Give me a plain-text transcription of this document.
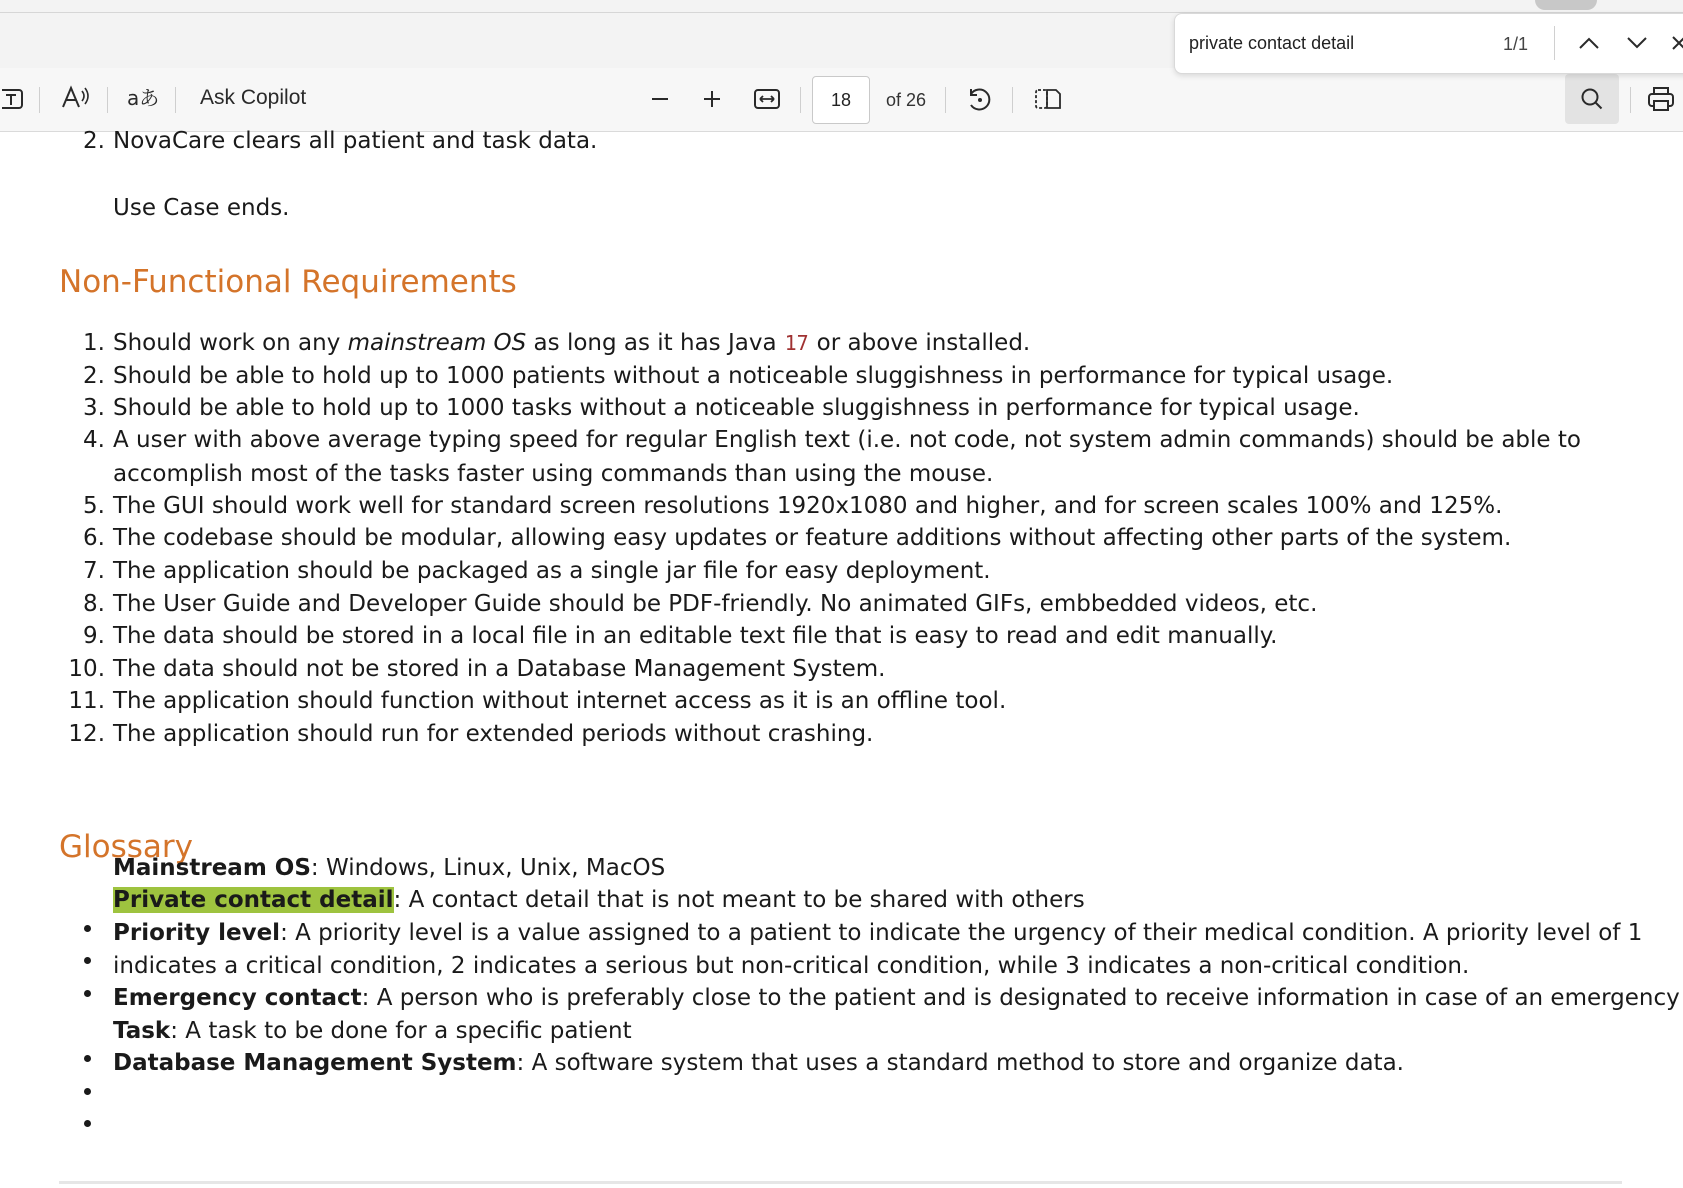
aあ Ask Copilot	18	of 26
private contact detail
1/1
2. NovaCare clears all patient and task data.
Use Case ends.
Non-Functional Requirements
1. Should work on any mainstream OS as long as it has Java 17 or above installed.
2. Should be able to hold up to 1000 patients without a noticeable sluggishness in performance for typical usage.
3. Should be able to hold up to 1000 tasks without a noticeable sluggishness in performance for typical usage.
4. A user with above average typing speed for regular English text (i.e. not code, not system admin commands) should be able to
accomplish most of the tasks faster using commands than using the mouse.
5. The GUI should work well for standard screen resolutions 1920x1080 and higher, and for screen scales 100% and 125%.
6. The codebase should be modular, allowing easy updates or feature additions without affecting other parts of the system.
7. The application should be packaged as a single jar file for easy deployment.
8. The User Guide and Developer Guide should be PDF-friendly. No animated GIFs, embbedded videos, etc.
9. The data should be stored in a local file in an editable text file that is easy to read and edit manually.
10. The data should not be stored in a Database Management System.
11. The application should function without internet access as it is an offline tool.
12. The application should run for extended periods without crashing.
Glossary
Mainstream OS: Windows, Linux, Unix, MacOS
Private contact detail: A contact detail that is not meant to be shared with others
Priority level: A priority level is a value assigned to a patient to indicate the urgency of their medical condition. A priority level of 1
indicates a critical condition, 2 indicates a serious but non-critical condition, while 3 indicates a non-critical condition.
Emergency contact: A person who is preferably close to the patient and is designated to receive information in case of an emergency
Task: A task to be done for a specific patient
Database Management System: A software system that uses a standard method to store and organize data.
